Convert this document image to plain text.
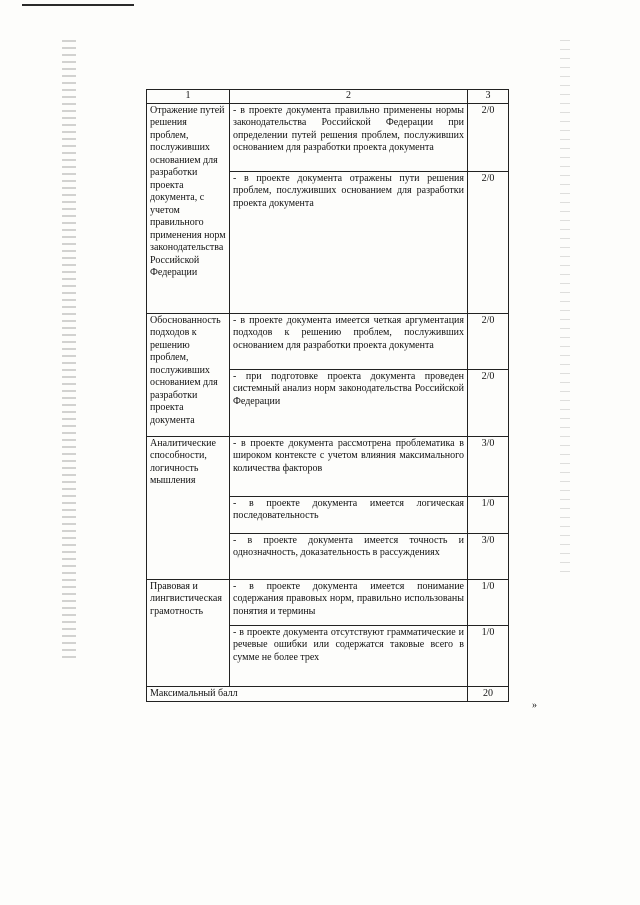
1	2	3
Отражение путей решения проблем, послуживших основанием для разработки проекта документа, с учетом правильного применения норм законодательства Российской Федерации	- в проекте документа правильно применены нормы законодательства Российской Федерации при определении путей решения проблем, послуживших основанием для разработки проекта документа	2/0
	- в проекте документа отражены пути решения проблем, послуживших основанием для разработки проекта документа	2/0
Обоснованность подходов к решению проблем, послуживших основанием для разработки проекта документа	- в проекте документа имеется четкая аргументация подходов к решению проблем, послуживших основанием для разработки проекта документа	2/0
	- при подготовке проекта документа проведен системный анализ норм законодательства Российской Федерации	2/0
Аналитические способности, логичность мышления	- в проекте документа рассмотрена проблематика в широком контексте с учетом влияния максимального количества факторов	3/0
	- в проекте документа имеется логическая последовательность	1/0
	- в проекте документа имеется точность и однозначность, доказательность в рассуждениях	3/0
Правовая и лингвистическая грамотность	- в проекте документа имеется понимание содержания правовых норм, правильно использованы понятия и термины	1/0
	- в проекте документа отсутствуют грамматические и речевые ошибки или содержатся таковые всего в сумме не более трех	1/0
Максимальный балл		20
»
